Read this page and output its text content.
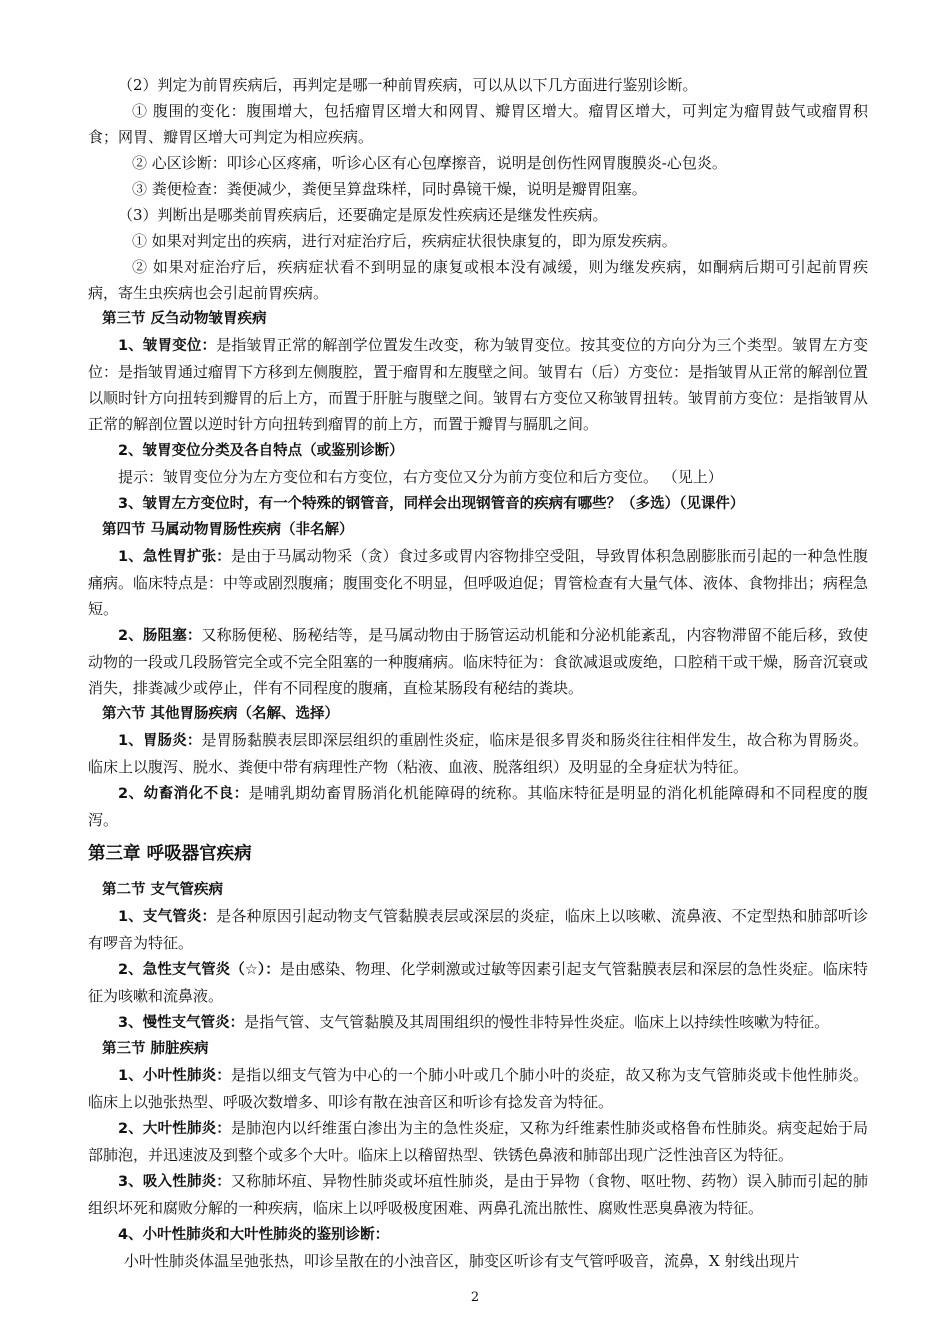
（2）判定为前胃疾病后，再判定是哪一种前胃疾病，可以从以下几方面进行鉴别诊断。

① 腹围的变化：腹围增大，包括瘤胃区增大和网胃、瓣胃区增大。瘤胃区增大，可判定为瘤胃鼓气或瘤胃积食；网胃、瓣胃区增大可判定为相应疾病。

② 心区诊断：叩诊心区疼痛，听诊心区有心包摩擦音，说明是创伤性网胃腹膜炎-心包炎。

③ 粪便检查：粪便减少，粪便呈算盘珠样，同时鼻镜干燥，说明是瓣胃阻塞。

（3）判断出是哪类前胃疾病后，还要确定是原发性疾病还是继发性疾病。

① 如果对判定出的疾病，进行对症治疗后，疾病症状很快康复的，即为原发疾病。

② 如果对症治疗后，疾病症状看不到明显的康复或根本没有减缓，则为继发疾病，如酮病后期可引起前胃疾病，寄生虫疾病也会引起前胃疾病。

第三节 反刍动物皱胃疾病

1、皱胃变位：是指皱胃正常的解剖学位置发生改变，称为皱胃变位。按其变位的方向分为三个类型。皱胃左方变位：是指皱胃通过瘤胃下方移到左侧腹腔，置于瘤胃和左腹壁之间。皱胃右（后）方变位：是指皱胃从正常的解剖位置以顺时针方向扭转到瓣胃的后上方，而置于肝脏与腹壁之间。皱胃右方变位又称皱胃扭转。皱胃前方变位：是指皱胃从正常的解剖位置以逆时针方向扭转到瘤胃的前上方，而置于瓣胃与膈肌之间。

2、皱胃变位分类及各自特点（或鉴别诊断）

提示：皱胃变位分为左方变位和右方变位，右方变位又分为前方变位和后方变位。 （见上）

3、皱胃左方变位时，有一个特殊的钢管音，同样会出现钢管音的疾病有哪些？（多选）（见课件）

第四节 马属动物胃肠性疾病（非名解）

1、急性胃扩张：是由于马属动物采（贪）食过多或胃内容物排空受阻，导致胃体积急剧膨胀而引起的一种急性腹痛病。临床特点是：中等或剧烈腹痛；腹围变化不明显，但呼吸迫促；胃管检查有大量气体、液体、食物排出；病程急短。

2、肠阻塞：又称肠便秘、肠秘结等，是马属动物由于肠管运动机能和分泌机能紊乱，内容物滞留不能后移，致使动物的一段或几段肠管完全或不完全阻塞的一种腹痛病。临床特征为：食欲减退或废绝，口腔稍干或干燥，肠音沉衰或消失，排粪减少或停止，伴有不同程度的腹痛，直检某肠段有秘结的粪块。

第六节 其他胃肠疾病（名解、选择）

1、胃肠炎：是胃肠黏膜表层即深层组织的重剧性炎症，临床是很多胃炎和肠炎往往相伴发生，故合称为胃肠炎。临床上以腹泻、脱水、粪便中带有病理性产物（粘液、血液、脱落组织）及明显的全身症状为特征。

2、幼畜消化不良：是哺乳期幼畜胃肠消化机能障碍的统称。其临床特征是明显的消化机能障碍和不同程度的腹泻。

第三章 呼吸器官疾病

第二节 支气管疾病

1、支气管炎：是各种原因引起动物支气管黏膜表层或深层的炎症，临床上以咳嗽、流鼻液、不定型热和肺部听诊有啰音为特征。

2、急性支气管炎（☆）：是由感染、物理、化学刺激或过敏等因素引起支气管黏膜表层和深层的急性炎症。临床特征为咳嗽和流鼻液。

3、慢性支气管炎：是指气管、支气管黏膜及其周围组织的慢性非特异性炎症。临床上以持续性咳嗽为特征。

第三节 肺脏疾病

1、小叶性肺炎：是指以细支气管为中心的一个肺小叶或几个肺小叶的炎症，故又称为支气管肺炎或卡他性肺炎。临床上以弛张热型、呼吸次数增多、叩诊有散在浊音区和听诊有捻发音为特征。

2、大叶性肺炎：是肺泡内以纤维蛋白渗出为主的急性炎症，又称为纤维素性肺炎或格鲁布性肺炎。病变起始于局部肺泡，并迅速波及到整个或多个大叶。临床上以稽留热型、铁锈色鼻液和肺部出现广泛性浊音区为特征。

3、吸入性肺炎：又称肺坏疽、异物性肺炎或坏疽性肺炎，是由于异物（食物、呕吐物、药物）误入肺而引起的肺组织坏死和腐败分解的一种疾病，临床上以呼吸极度困难、两鼻孔流出脓性、腐败性恶臭鼻液为特征。

4、小叶性肺炎和大叶性肺炎的鉴别诊断：

小叶性肺炎体温呈弛张热，叩诊呈散在的小浊音区，肺变区听诊有支气管呼吸音，流鼻，X 射线出现片

2
